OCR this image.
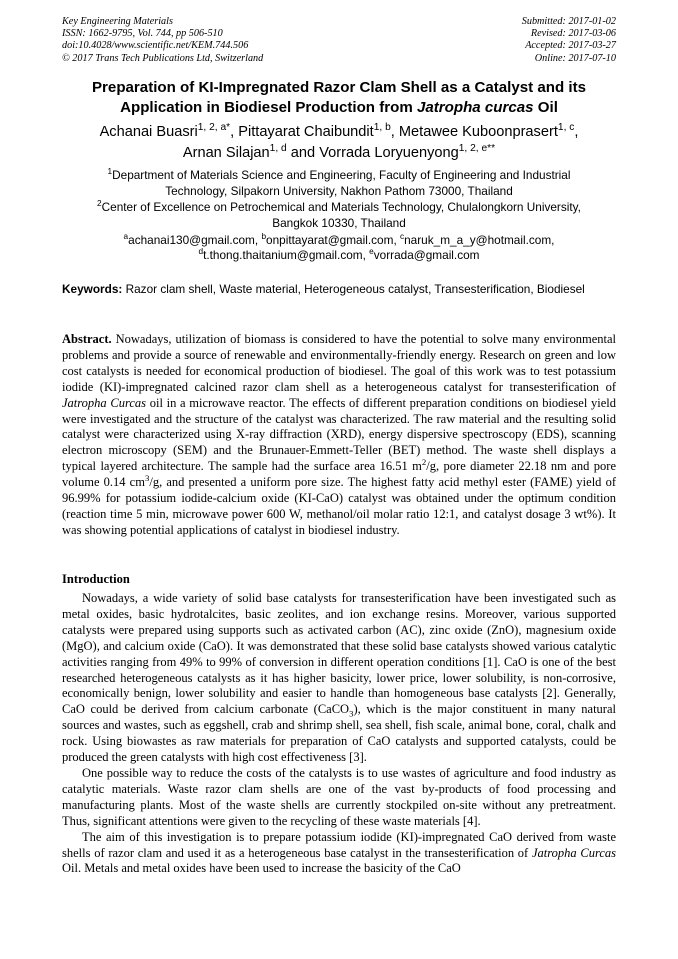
Key Engineering Materials
ISSN: 1662-9795, Vol. 744, pp 506-510
doi:10.4028/www.scientific.net/KEM.744.506
© 2017 Trans Tech Publications Ltd, Switzerland
Submitted: 2017-01-02
Revised: 2017-03-06
Accepted: 2017-03-27
Online: 2017-07-10
Preparation of KI-Impregnated Razor Clam Shell as a Catalyst and its
Application in Biodiesel Production from Jatropha curcas Oil
Achanai Buasri$^{1, 2, a*}$, Pittayarat Chaibundit$^{1, b}$, Metawee Kuboonprasert$^{1, c}$,
Arnan Silajan$^{1, d}$ and Vorrada Loryuenyong$^{1, 2, e**}$
$^1$Department of Materials Science and Engineering, Faculty of Engineering and Industrial
Technology, Silpakorn University, Nakhon Pathom 73000, Thailand
$^2$Center of Excellence on Petrochemical and Materials Technology, Chulalongkorn University,
Bangkok 10330, Thailand
$^a$achanai130@gmail.com, $^b$onpittayarat@gmail.com, $^c$naruk_m_a_y@hotmail.com,
$^d$t.thong.thaitanium@gmail.com, $^e$vorrada@gmail.com
Keywords: Razor clam shell, Waste material, Heterogeneous catalyst, Transesterification, Biodiesel
Abstract. Nowadays, utilization of biomass is considered to have the potential to solve many environmental problems and provide a source of renewable and environmentally-friendly energy. Research on green and low cost catalysts is needed for economical production of biodiesel. The goal of this work was to test potassium iodide (KI)-impregnated calcined razor clam shell as a heterogeneous catalyst for transesterification of Jatropha Curcas oil in a microwave reactor. The effects of different preparation conditions on biodiesel yield were investigated and the structure of the catalyst was characterized. The raw material and the resulting solid catalyst were characterized using X-ray diffraction (XRD), energy dispersive spectroscopy (EDS), scanning electron microscopy (SEM) and the Brunauer-Emmett-Teller (BET) method. The waste shell displays a typical layered architecture. The sample had the surface area 16.51 $m^2/g$, pore diameter 22.18 nm and pore volume 0.14 $cm^3/g$, and presented a uniform pore size. The highest fatty acid methyl ester (FAME) yield of 96.99% for potassium iodide-calcium oxide (KI-CaO) catalyst was obtained under the optimum condition (reaction time 5 min, microwave power 600 W, methanol/oil molar ratio 12:1, and catalyst dosage 3 wt%). It was showing potential applications of catalyst in biodiesel industry.
Introduction

Nowadays, a wide variety of solid base catalysts for transesterification have been investigated such as metal oxides, basic hydrotalcites, basic zeolites, and ion exchange resins. Moreover, various supported catalysts were prepared using supports such as activated carbon (AC), zinc oxide (ZnO), magnesium oxide (MgO), and calcium oxide (CaO). It was demonstrated that these solid base catalysts showed various catalytic activities ranging from 49% to 99% of conversion in different operation conditions [1]. CaO is one of the best researched heterogeneous catalysts as it has higher basicity, lower price, lower solubility, is non-corrosive, economically benign, lower solubility and easier to handle than homogeneous base catalysts [2]. Generally, CaO could be derived from calcium carbonate (CaCO$_3$), which is the major constituent in many natural sources and wastes, such as eggshell, crab and shrimp shell, sea shell, fish scale, animal bone, coral, chalk and rock. Using biowastes as raw materials for preparation of CaO catalysts and supported catalysts, could be produced the green catalysts with high cost effectiveness [3].

One possible way to reduce the costs of the catalysts is to use wastes of agriculture and food industry as catalytic materials. Waste razor clam shells are one of the vast by-products of food processing and manufacturing plants. Most of the waste shells are currently stockpiled on-site without any pretreatment. Thus, significant attentions were given to the recycling of these waste materials [4].

The aim of this investigation is to prepare potassium iodide (KI)-impregnated CaO derived from waste shells of razor clam and used it as a heterogeneous base catalyst in the transesterification of Jatropha Curcas Oil. Metals and metal oxides have been used to increase the basicity of the CaO
